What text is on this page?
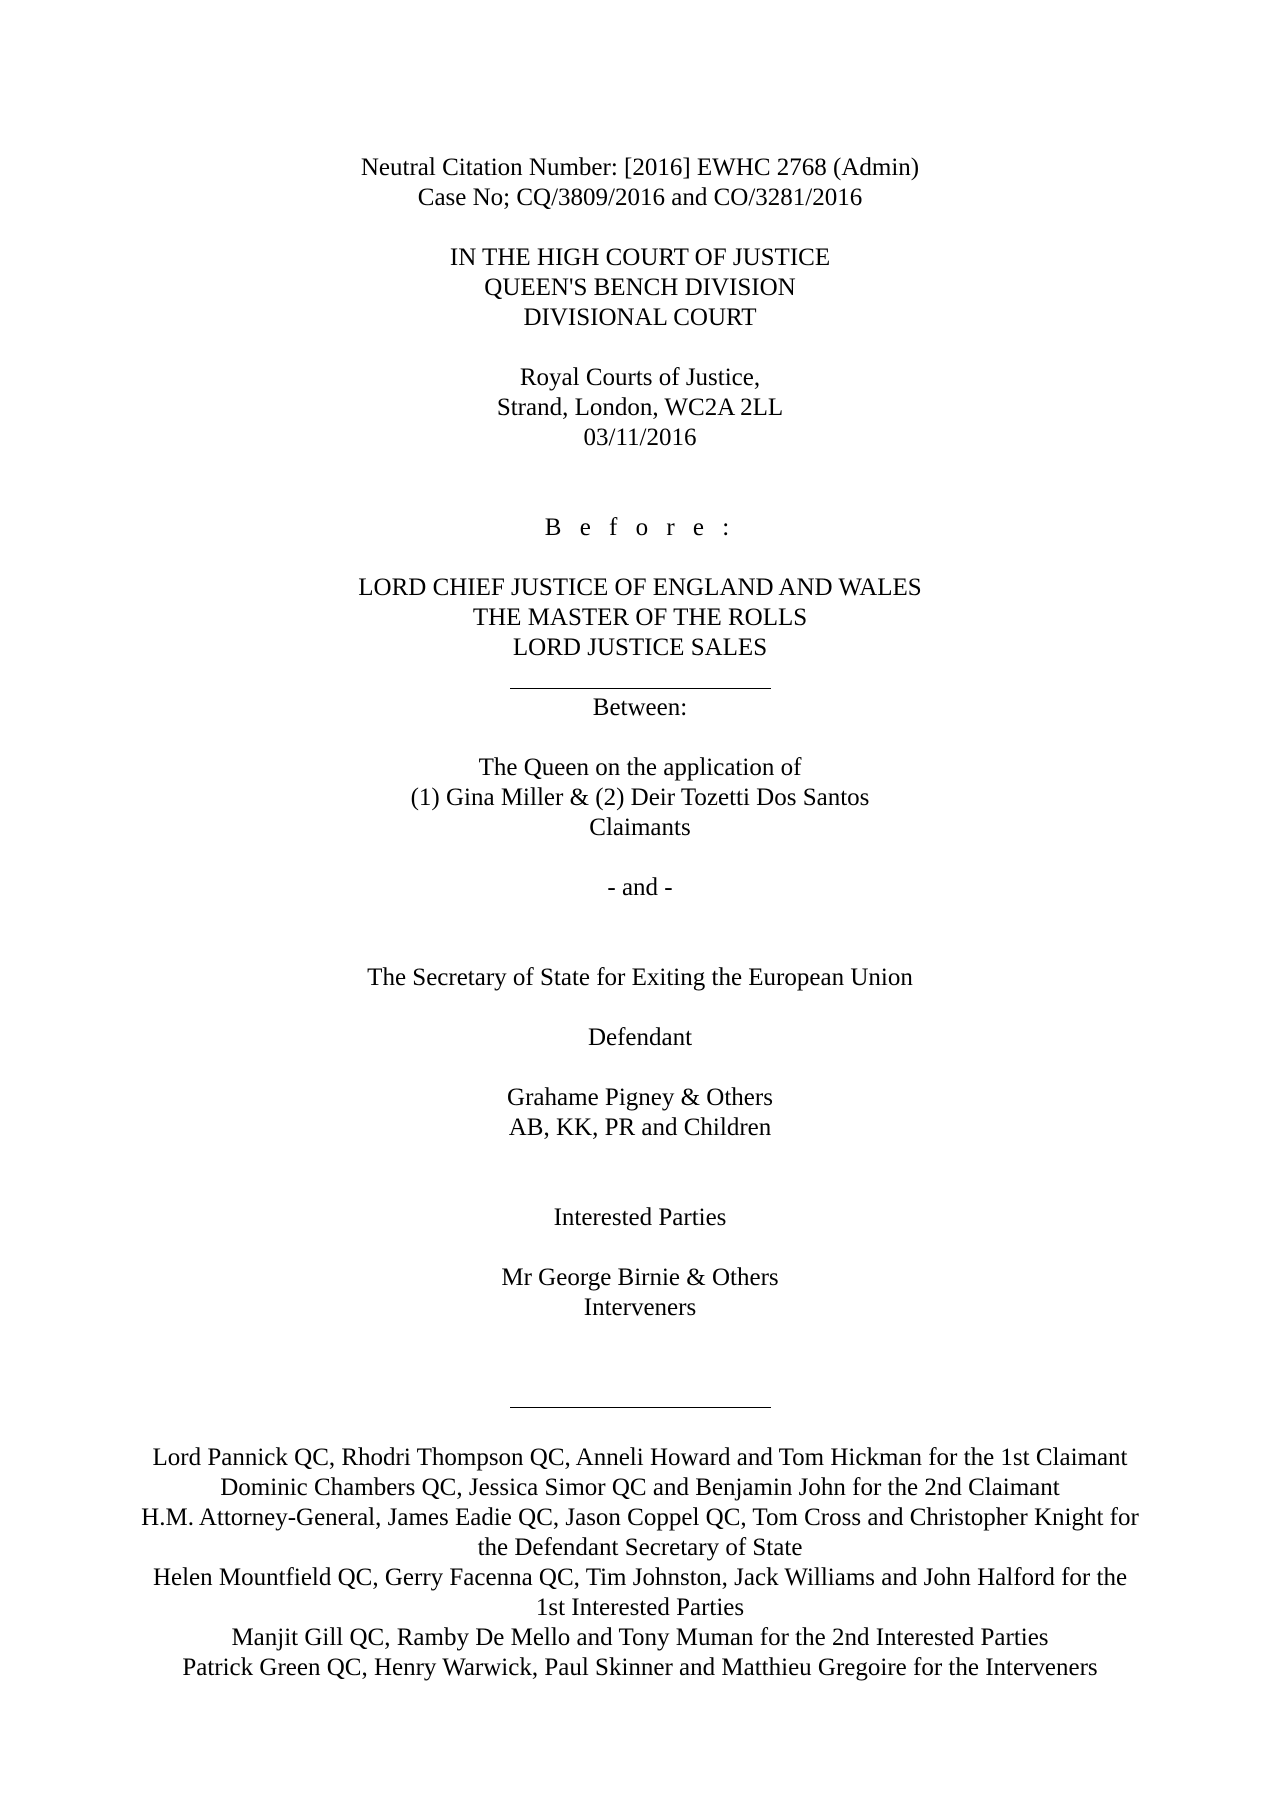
Neutral Citation Number: [2016] EWHC 2768 (Admin)

Case No; CQ/3809/2016 and CO/3281/2016

IN THE HIGH COURT OF JUSTICE

QUEEN'S BENCH DIVISION

DIVISIONAL COURT

Royal Courts of Justice,

Strand, London, WC2A 2LL

03/11/2016

B e f o r e :

LORD CHIEF JUSTICE OF ENGLAND AND WALES

THE MASTER OF THE ROLLS

LORD JUSTICE SALES

Between:

The Queen on the application of

(1) Gina Miller & (2) Deir Tozetti Dos Santos

Claimants

- and -

The Secretary of State for Exiting the European Union

Defendant

Grahame Pigney & Others

AB, KK, PR and Children

Interested Parties

Mr George Birnie & Others

Interveners

Lord Pannick QC, Rhodri Thompson QC, Anneli Howard and Tom Hickman for the 1st Claimant

Dominic Chambers QC, Jessica Simor QC and Benjamin John for the 2nd Claimant

H.M. Attorney-General, James Eadie QC, Jason Coppel QC, Tom Cross and Christopher Knight for

the Defendant Secretary of State

Helen Mountfield QC, Gerry Facenna QC, Tim Johnston, Jack Williams and John Halford for the

1st Interested Parties

Manjit Gill QC, Ramby De Mello and Tony Muman for the 2nd Interested Parties

Patrick Green QC, Henry Warwick, Paul Skinner and Matthieu Gregoire for the Interveners
